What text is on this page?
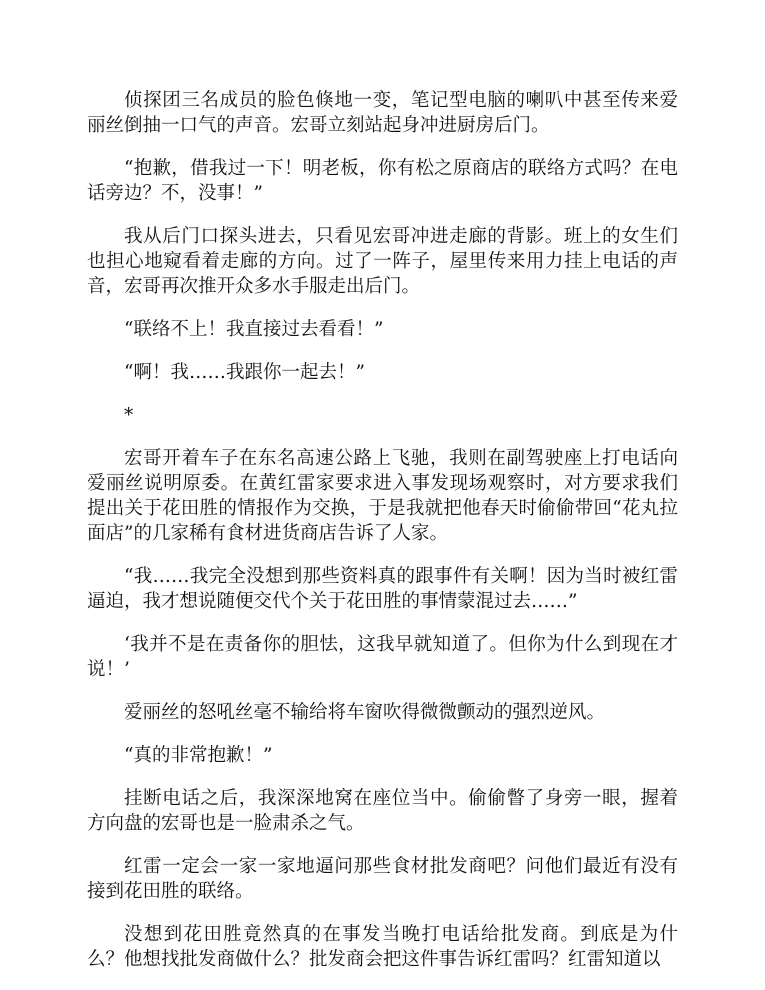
侦探团三名成员的脸色倏地一变，笔记型电脑的喇叭中甚至传来爱丽丝倒抽一口气的声音。宏哥立刻站起身冲进厨房后门。

“抱歉，借我过一下！明老板，你有松之原商店的联络方式吗？在电话旁边？不，没事！”

我从后门口探头进去，只看见宏哥冲进走廊的背影。班上的女生们也担心地窥看着走廊的方向。过了一阵子，屋里传来用力挂上电话的声音，宏哥再次推开众多水手服走出后门。

“联络不上！我直接过去看看！”

“啊！我……我跟你一起去！”

*

宏哥开着车子在东名高速公路上飞驰，我则在副驾驶座上打电话向爱丽丝说明原委。在黄红雷家要求进入事发现场观察时，对方要求我们提出关于花田胜的情报作为交换，于是我就把他春天时偷偷带回“花丸拉面店”的几家稀有食材进货商店告诉了人家。

“我……我完全没想到那些资料真的跟事件有关啊！因为当时被红雷逼迫，我才想说随便交代个关于花田胜的事情蒙混过去……”

‘我并不是在责备你的胆怯，这我早就知道了。但你为什么到现在才说！’

爱丽丝的怒吼丝毫不输给将车窗吹得微微颤动的强烈逆风。

“真的非常抱歉！”

挂断电话之后，我深深地窝在座位当中。偷偷瞥了身旁一眼，握着方向盘的宏哥也是一脸肃杀之气。

红雷一定会一家一家地逼问那些食材批发商吧？问他们最近有没有接到花田胜的联络。

没想到花田胜竟然真的在事发当晚打电话给批发商。到底是为什么？他想找批发商做什么？批发商会把这件事告诉红雷吗？红雷知道以
